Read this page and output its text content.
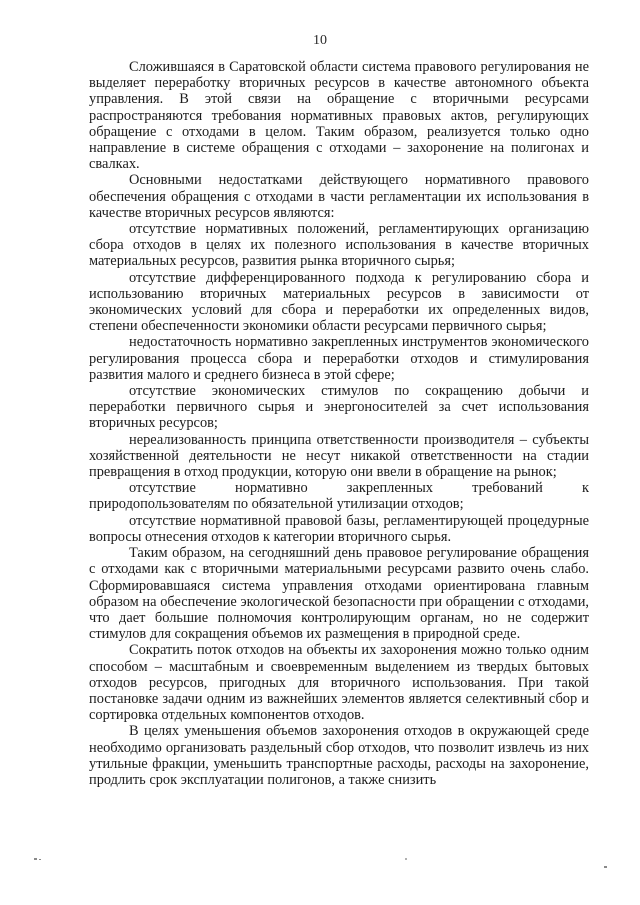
10

Сложившаяся в Саратовской области система правового регулирования не выделяет переработку вторичных ресурсов в качестве автономного объекта управления. В этой связи на обращение с вторичными ресурсами распространяются требования нормативных правовых актов, регулирующих обращение с отходами в целом. Таким образом, реализуется только одно направление в системе обращения с отходами – захоронение на полигонах и свалках.

Основными недостатками действующего нормативного правового обеспечения обращения с отходами в части регламентации их использования в качестве вторичных ресурсов являются:

отсутствие нормативных положений, регламентирующих организацию сбора отходов в целях их полезного использования в качестве вторичных материальных ресурсов, развития рынка вторичного сырья;

отсутствие дифференцированного подхода к регулированию сбора и использованию вторичных материальных ресурсов в зависимости от экономических условий для сбора и переработки их определенных видов, степени обеспеченности экономики области ресурсами первичного сырья;

недостаточность нормативно закрепленных инструментов экономического регулирования процесса сбора и переработки отходов и стимулирования развития малого и среднего бизнеса в этой сфере;

отсутствие экономических стимулов по сокращению добычи и переработки первичного сырья и энергоносителей за счет использования вторичных ресурсов;

нереализованность принципа ответственности производителя – субъекты хозяйственной деятельности не несут никакой ответственности на стадии превращения в отход продукции, которую они ввели в обращение на рынок;

отсутствие нормативно закрепленных требований к природопользователям по обязательной утилизации отходов;

отсутствие нормативной правовой базы, регламентирующей процедурные вопросы отнесения отходов к категории вторичного сырья.

Таким образом, на сегодняшний день правовое регулирование обращения с отходами как с вторичными материальными ресурсами развито очень слабо. Сформировавшаяся система управления отходами ориентирована главным образом на обеспечение экологической безопасности при обращении с отходами, что дает большие полномочия контролирующим органам, но не содержит стимулов для сокращения объемов их размещения в природной среде.

Сократить поток отходов на объекты их захоронения можно только одним способом – масштабным и своевременным выделением из твердых бытовых отходов ресурсов, пригодных для вторичного использования. При такой постановке задачи одним из важнейших элементов является селективный сбор и сортировка отдельных компонентов отходов.

В целях уменьшения объемов захоронения отходов в окружающей среде необходимо организовать раздельный сбор отходов, что позволит извлечь из них утильные фракции, уменьшить транспортные расходы, расходы на захоронение, продлить срок эксплуатации полигонов, а также снизить
